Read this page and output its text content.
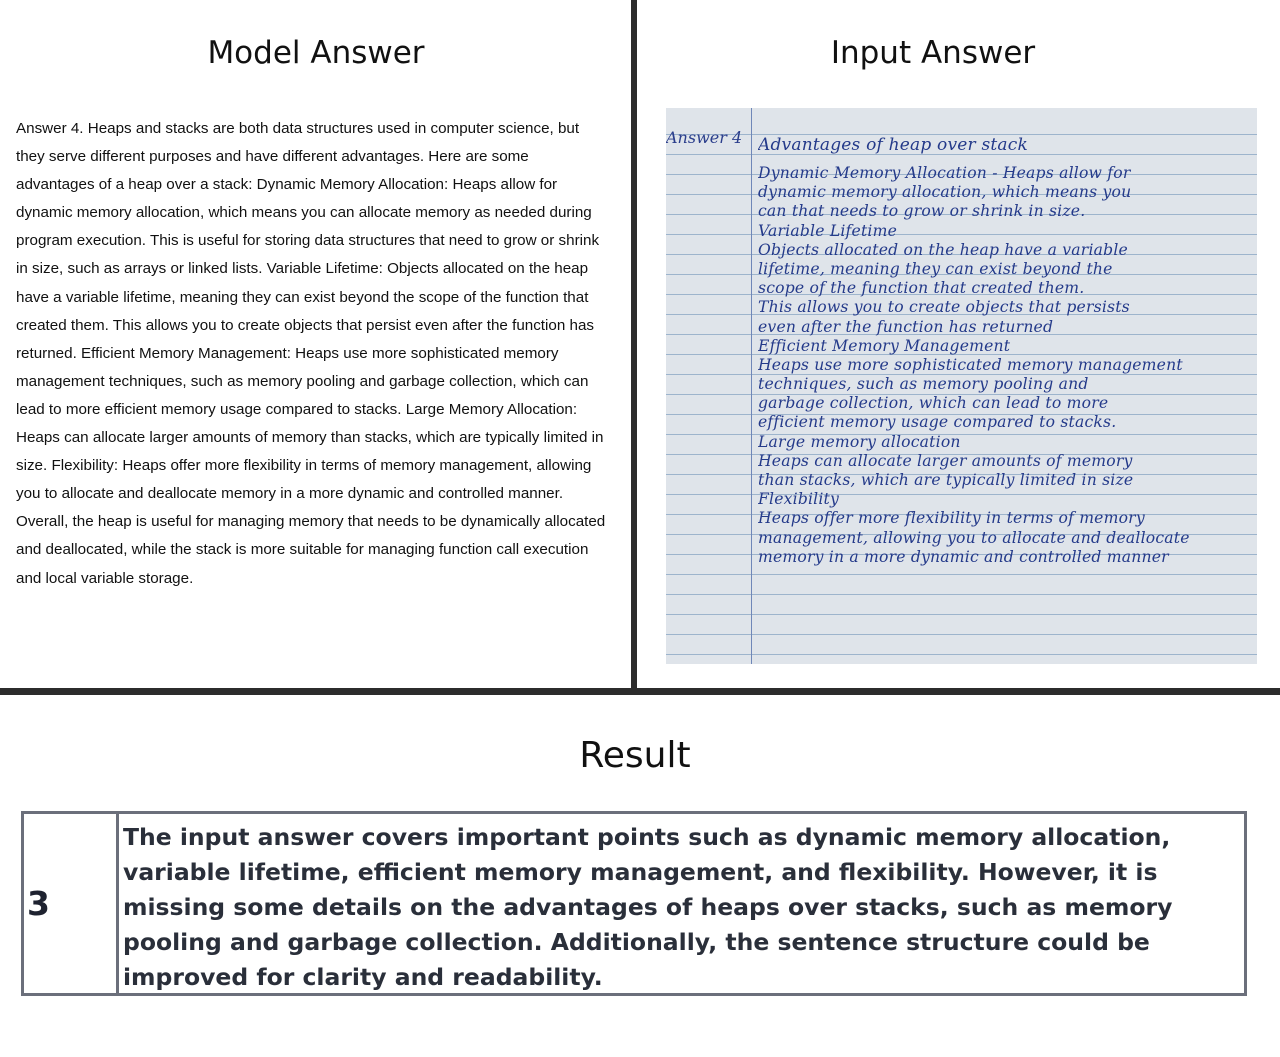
Model Answer	Input Answer

Answer 4. Heaps and stacks are both data structures used in computer science, but they serve different purposes and have different advantages. Here are some advantages of a heap over a stack: Dynamic Memory Allocation: Heaps allow for dynamic memory allocation, which means you can allocate memory as needed during program execution. This is useful for storing data structures that need to grow or shrink in size, such as arrays or linked lists. Variable Lifetime: Objects allocated on the heap have a variable lifetime, meaning they can exist beyond the scope of the function that created them. This allows you to create objects that persist even after the function has returned. Efficient Memory Management: Heaps use more sophisticated memory management techniques, such as memory pooling and garbage collection, which can lead to more efficient memory usage compared to stacks. Large Memory Allocation: Heaps can allocate larger amounts of memory than stacks, which are typically limited in size. Flexibility: Heaps offer more flexibility in terms of memory management, allowing you to allocate and deallocate memory in a more dynamic and controlled manner. Overall, the heap is useful for managing memory that needs to be dynamically allocated and deallocated, while the stack is more suitable for managing function call execution and local variable storage.

Answer 4 Advantages of heap over stack
Dynamic Memory Allocation - Heaps allow for
dynamic memory allocation, which means you
can that needs to grow or shrink in size.
Variable Lifetime
Objects allocated on the heap have a variable
lifetime, meaning they can exist beyond the
scope of the function that created them.
This allows you to create objects that persists
even after the function has returned
Efficient Memory Management
Heaps use more sophisticated memory management
techniques, such as memory pooling and
garbage collection, which can lead to more
efficient memory usage compared to stacks.
Large memory allocation
Heaps can allocate larger amounts of memory
than stacks, which are typically limited in size
Flexibility
Heaps offer more flexibility in terms of memory
management, allowing you to allocate and deallocate
memory in a more dynamic and controlled manner
Result
3
The input answer covers important points such as dynamic memory allocation, variable lifetime, efficient memory management, and flexibility. However, it is missing some details on the advantages of heaps over stacks, such as memory pooling and garbage collection. Additionally, the sentence structure could be improved for clarity and readability.
